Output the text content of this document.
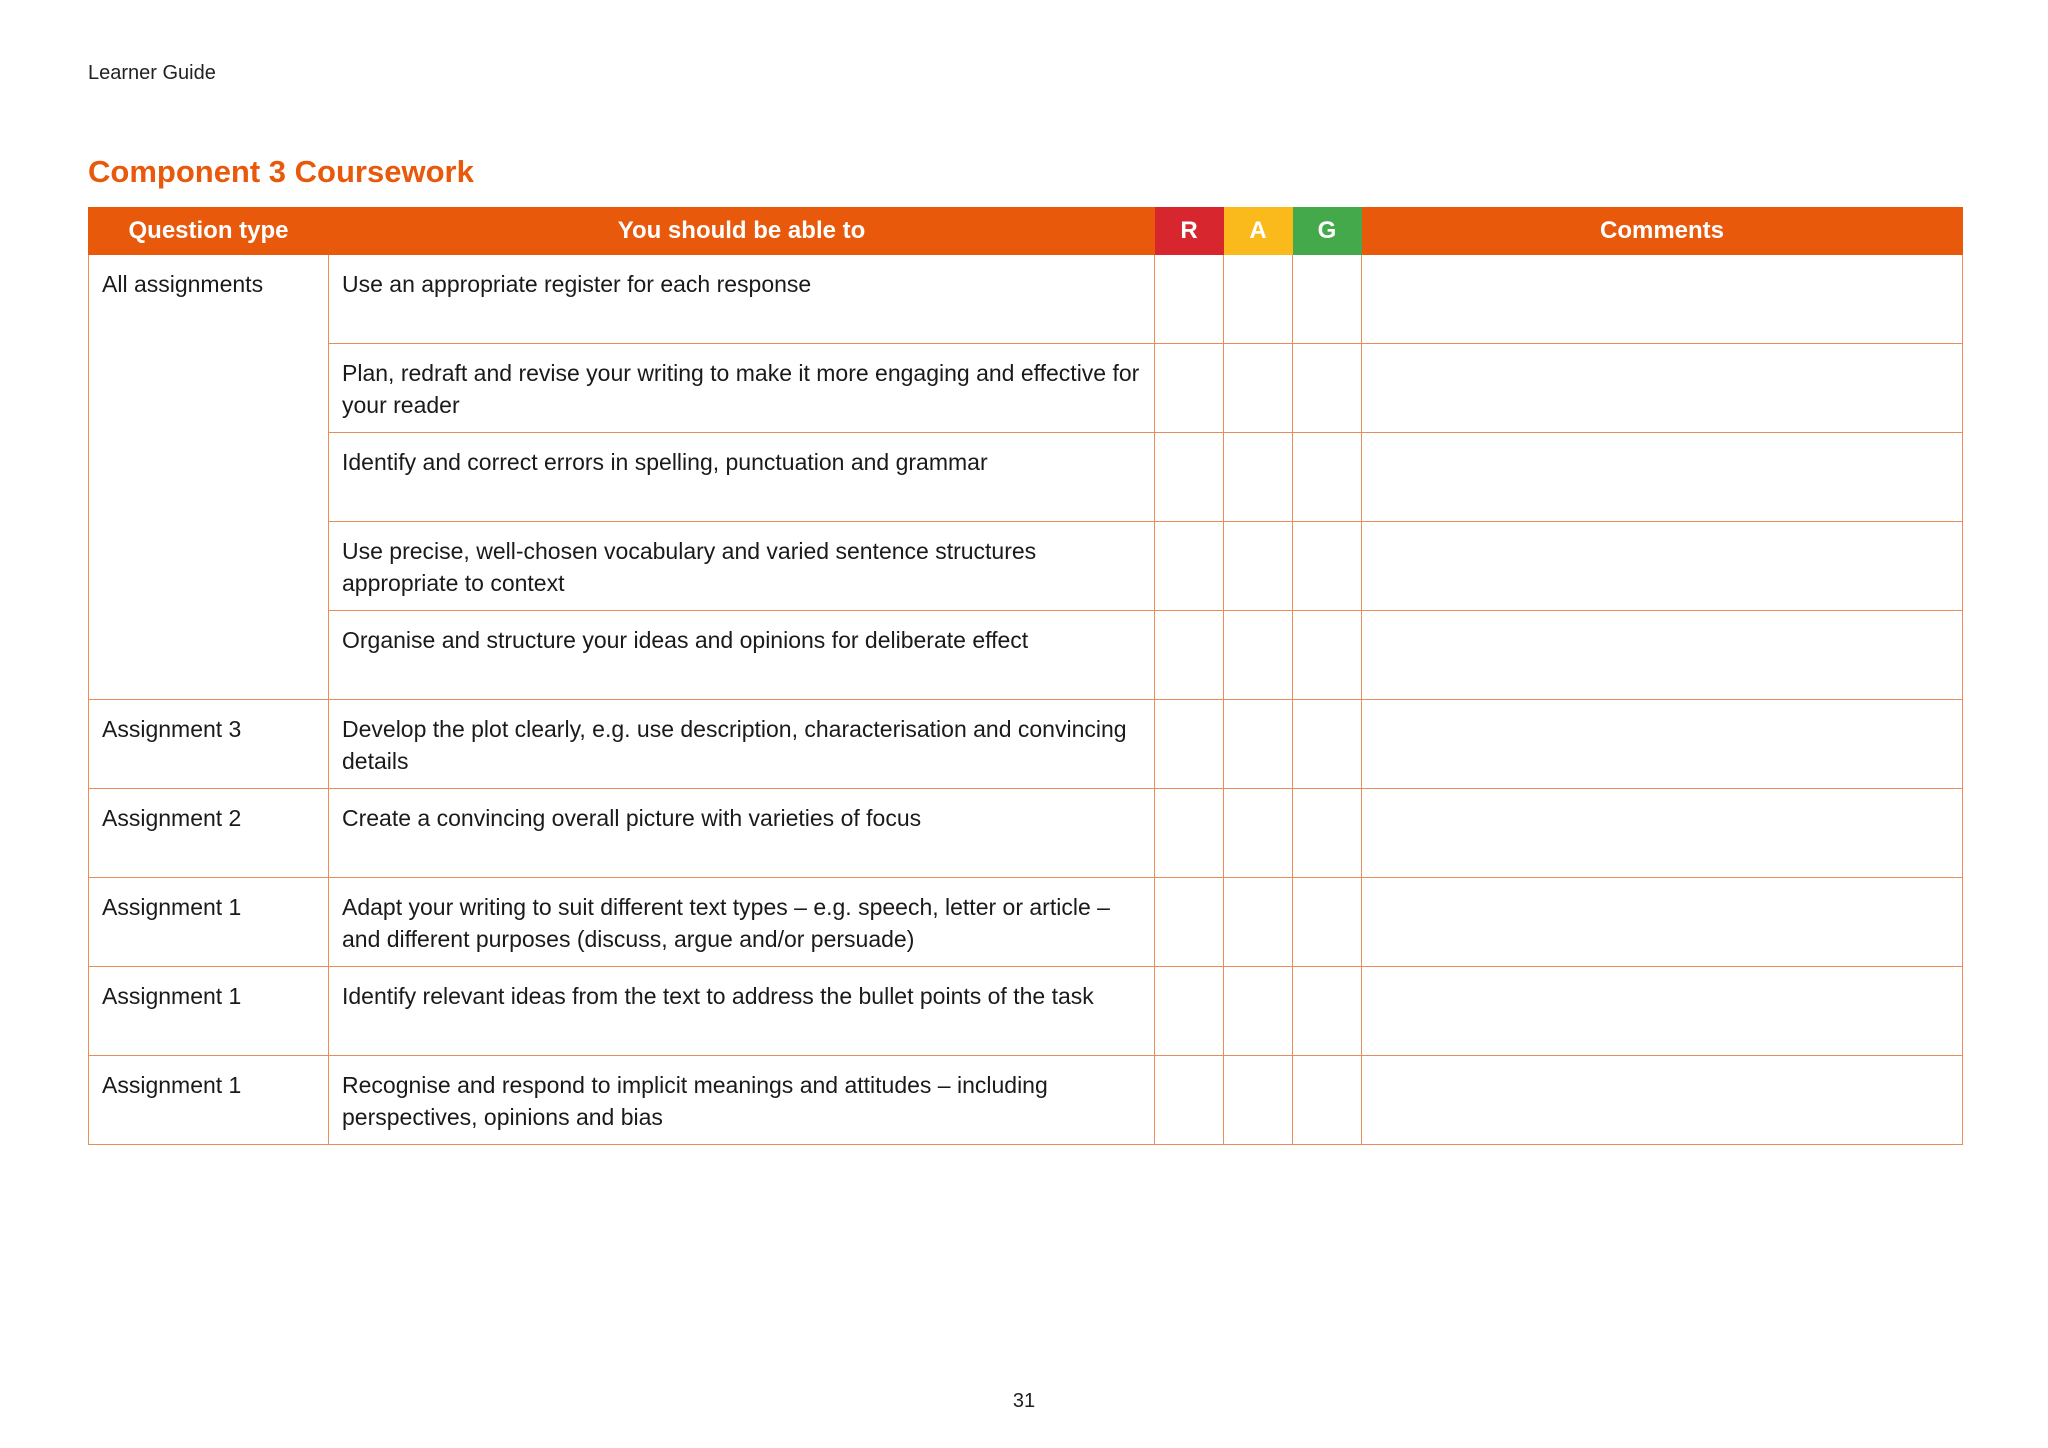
Learner Guide
Component 3 Coursework
Question type	You should be able to	R	A	G	Comments
All assignments	Use an appropriate register for each response				
	Plan, redraft and revise your writing to make it more engaging and effective for your reader				
	Identify and correct errors in spelling, punctuation and grammar				
	Use precise, well-chosen vocabulary and varied sentence structures appropriate to context				
	Organise and structure your ideas and opinions for deliberate effect				
Assignment 3	Develop the plot clearly, e.g. use description, characterisation and convincing details				
Assignment 2	Create a convincing overall picture with varieties of focus				
Assignment 1	Adapt your writing to suit different text types – e.g. speech, letter or article – and different purposes (discuss, argue and/or persuade)				
Assignment 1	Identify relevant ideas from the text to address the bullet points of the task				
Assignment 1	Recognise and respond to implicit meanings and attitudes – including perspectives, opinions and bias				
31
